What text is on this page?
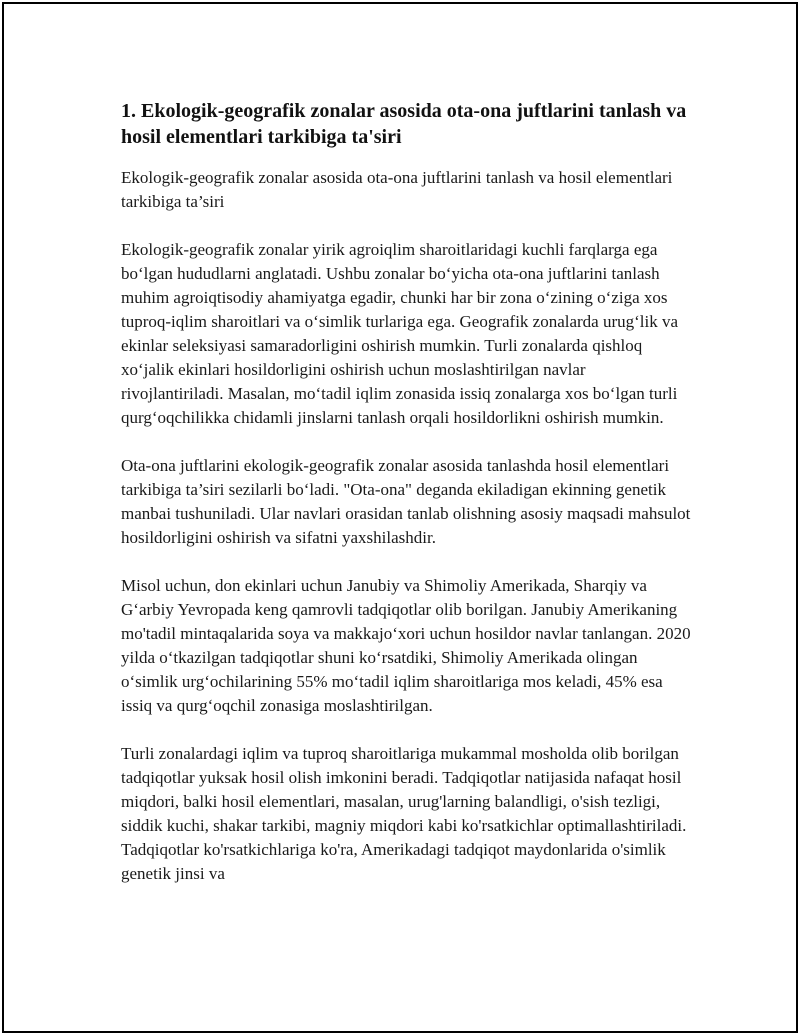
1. Ekologik-geografik zonalar asosida ota-ona juftlarini tanlash va hosil elementlari tarkibiga ta'siri

Ekologik-geografik zonalar asosida ota-ona juftlarini tanlash va hosil elementlari tarkibiga ta’siri

Ekologik-geografik zonalar yirik agroiqlim sharoitlaridagi kuchli farqlarga ega bo‘lgan hududlarni anglatadi. Ushbu zonalar bo‘yicha ota-ona juftlarini tanlash muhim agroiqtisodiy ahamiyatga egadir, chunki har bir zona o‘zining o‘ziga xos tuproq-iqlim sharoitlari va o‘simlik turlariga ega. Geografik zonalarda urug‘lik va ekinlar seleksiyasi samaradorligini oshirish mumkin. Turli zonalarda qishloq xo‘jalik ekinlari hosildorligini oshirish uchun moslashtirilgan navlar rivojlantiriladi. Masalan, mo‘tadil iqlim zonasida issiq zonalarga xos bo‘lgan turli qurg‘oqchilikka chidamli jinslarni tanlash orqali hosildorlikni oshirish mumkin.

Ota-ona juftlarini ekologik-geografik zonalar asosida tanlashda hosil elementlari tarkibiga ta’siri sezilarli bo‘ladi. "Ota-ona" deganda ekiladigan ekinning genetik manbai tushuniladi. Ular navlari orasidan tanlab olishning asosiy maqsadi mahsulot hosildorligini oshirish va sifatni yaxshilashdir.

Misol uchun, don ekinlari uchun Janubiy va Shimoliy Amerikada, Sharqiy va G‘arbiy Yevropada keng qamrovli tadqiqotlar olib borilgan. Janubiy Amerikaning mo'tadil mintaqalarida soya va makkajo‘xori uchun hosildor navlar tanlangan. 2020 yilda o‘tkazilgan tadqiqotlar shuni ko‘rsatdiki, Shimoliy Amerikada olingan o‘simlik urg‘ochilarining 55% mo‘tadil iqlim sharoitlariga mos keladi, 45% esa issiq va qurg‘oqchil zonasiga moslashtirilgan.

Turli zonalardagi iqlim va tuproq sharoitlariga mukammal mosholda olib borilgan tadqiqotlar yuksak hosil olish imkonini beradi. Tadqiqotlar natijasida nafaqat hosil miqdori, balki hosil elementlari, masalan, urug'larning balandligi, o'sish tezligi, siddik kuchi, shakar tarkibi, magniy miqdori kabi ko'rsatkichlar optimallashtiriladi. Tadqiqotlar ko'rsatkichlariga ko'ra, Amerikadagi tadqiqot maydonlarida o'simlik genetik jinsi va
